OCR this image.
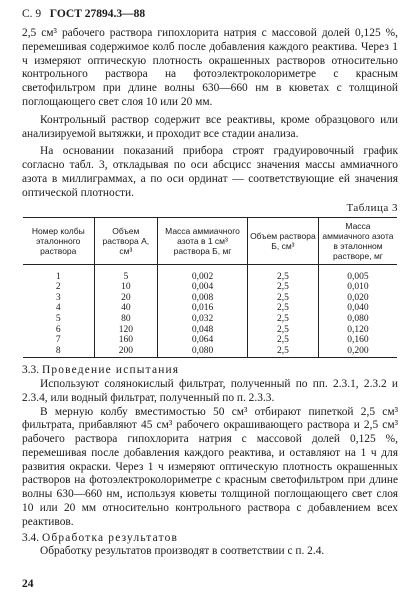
С. 9 ГОСТ 27894.3—88

2,5 см³ рабочего раствора гипохлорита натрия с массовой долей 0,125 %, перемешивая содержимое колб после добавления каждого реактива. Через 1 ч измеряют оптическую плотность окрашенных растворов относительно контрольного раствора на фотоэлектроколориметре с красным светофильтром при длине волны 630—660 нм в кюветах с толщиной поглощающего свет слоя 10 или 20 мм.

Контрольный раствор содержит все реактивы, кроме образцового или анализируемой вытяжки, и проходит все стадии анализа.

На основании показаний прибора строят градуировочный график согласно табл. 3, откладывая по оси абсцисс значения массы аммиачного азота в миллиграммах, а по оси ординат — соответствующие ей значения оптической плотности.

Таблица 3
Номер колбы эталонного раствора	Объем раствора А, см³	Масса аммиачного азота в 1 см³ раствора Б, мг	Объем раствора Б, см³	Масса аммиачного азота в эталонном растворе, мг
1	5	0,002	2,5	0,005
2	10	0,004	2,5	0,010
3	20	0,008	2,5	0,020
4	40	0,016	2,5	0,040
5	80	0,032	2,5	0,080
6	120	0,048	2,5	0,120
7	160	0,064	2,5	0,160
8	200	0,080	2,5	0,200

3.3. Проведение испытания

Используют солянокислый фильтрат, полученный по пп. 2.3.1, 2.3.2 и 2.3.4, или водный фильтрат, полученный по п. 2.3.3.

В мерную колбу вместимостью 50 см³ отбирают пипеткой 2,5 см³ фильтрата, прибавляют 45 см³ рабочего окрашивающего раствора и 2,5 см³ рабочего раствора гипохлорита натрия с массовой долей 0,125 %, перемешивая после добавления каждого реактива, и оставляют на 1 ч для развития окраски. Через 1 ч измеряют оптическую плотность окрашенных растворов на фотоэлектроколориметре с красным светофильтром при длине волны 630—660 нм, используя кюветы толщиной поглощающего свет слоя 10 или 20 мм относительно контрольного раствора с добавлением всех реактивов.

3.4. Обработка результатов

Обработку результатов производят в соответствии с п. 2.4.

24
